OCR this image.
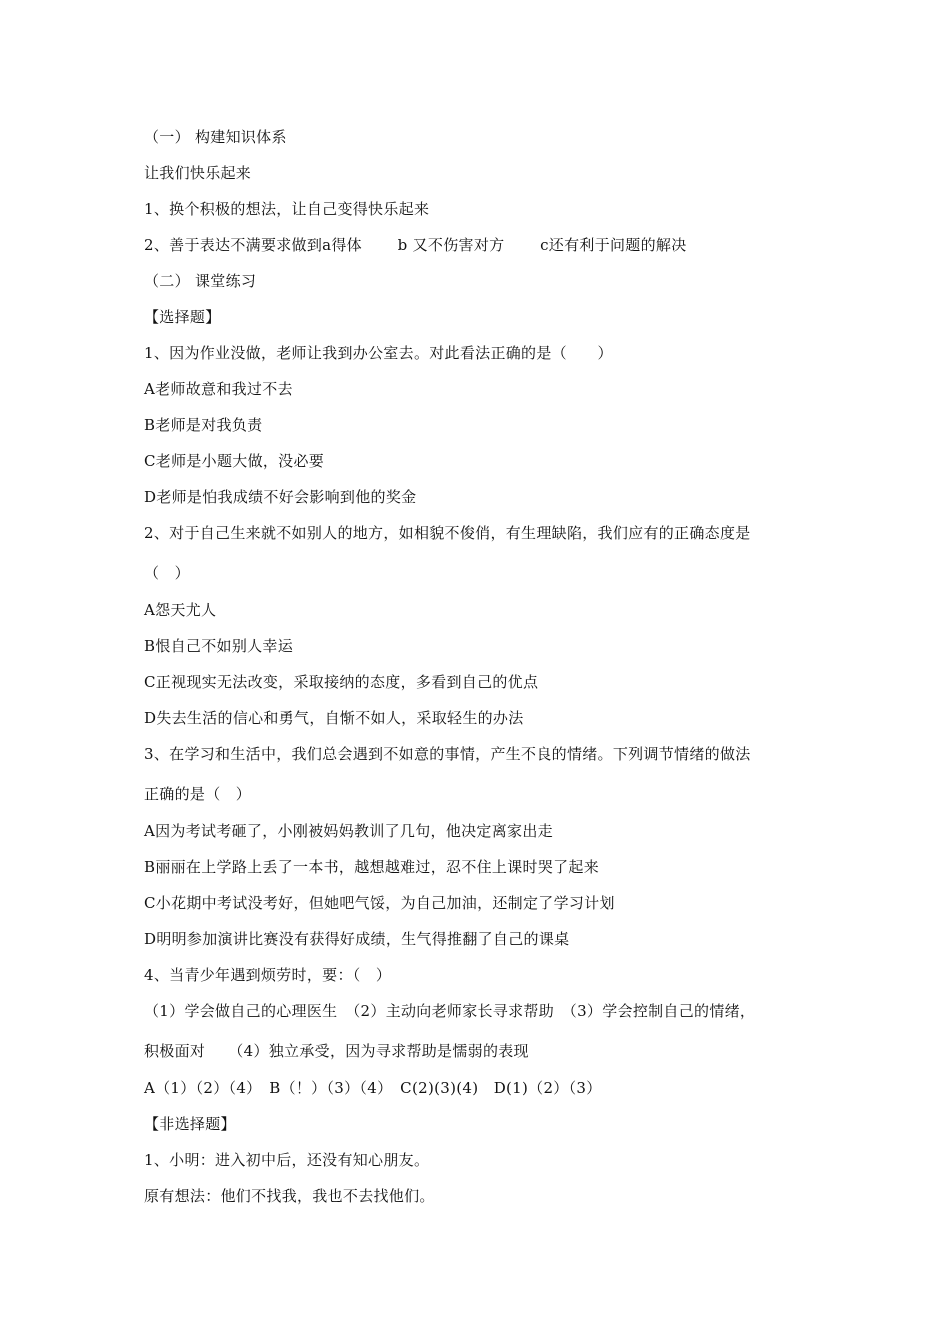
（一） 构建知识体系
让我们快乐起来
1、换个积极的想法，让自己变得快乐起来
2、善于表达不满要求做到a得体　　 b 又不伤害对方　　 c还有利于问题的解决
（二） 课堂练习
【选择题】
1、因为作业没做，老师让我到办公室去。对此看法正确的是（　　）
A老师故意和我过不去
B老师是对我负责
C老师是小题大做，没必要
D老师是怕我成绩不好会影响到他的奖金
2、对于自己生来就不如别人的地方，如相貌不俊俏，有生理缺陷，我们应有的正确态度是
（　）
A怨天尤人
B恨自己不如别人幸运
C正视现实无法改变，采取接纳的态度，多看到自己的优点
D失去生活的信心和勇气，自惭不如人，采取轻生的办法
3、在学习和生活中，我们总会遇到不如意的事情，产生不良的情绪。下列调节情绪的做法
正确的是（　）
A因为考试考砸了，小刚被妈妈教训了几句，他决定离家出走
B丽丽在上学路上丢了一本书，越想越难过，忍不住上课时哭了起来
C小花期中考试没考好，但她吧气馁，为自己加油，还制定了学习计划
D明明参加演讲比赛没有获得好成绩，生气得推翻了自己的课桌
4、当青少年遇到烦劳时，要：（　）
（1）学会做自己的心理医生　（2）主动向老师家长寻求帮助　（3）学会控制自己的情绪，
积极面对　　（4）独立承受，因为寻求帮助是懦弱的表现
A（1）（2）（4）　B（！）（3）（4）　C(2)(3)(4)　D(1)（2）（3）
【非选择题】
1、小明：进入初中后，还没有知心朋友。
原有想法：他们不找我，我也不去找他们。
